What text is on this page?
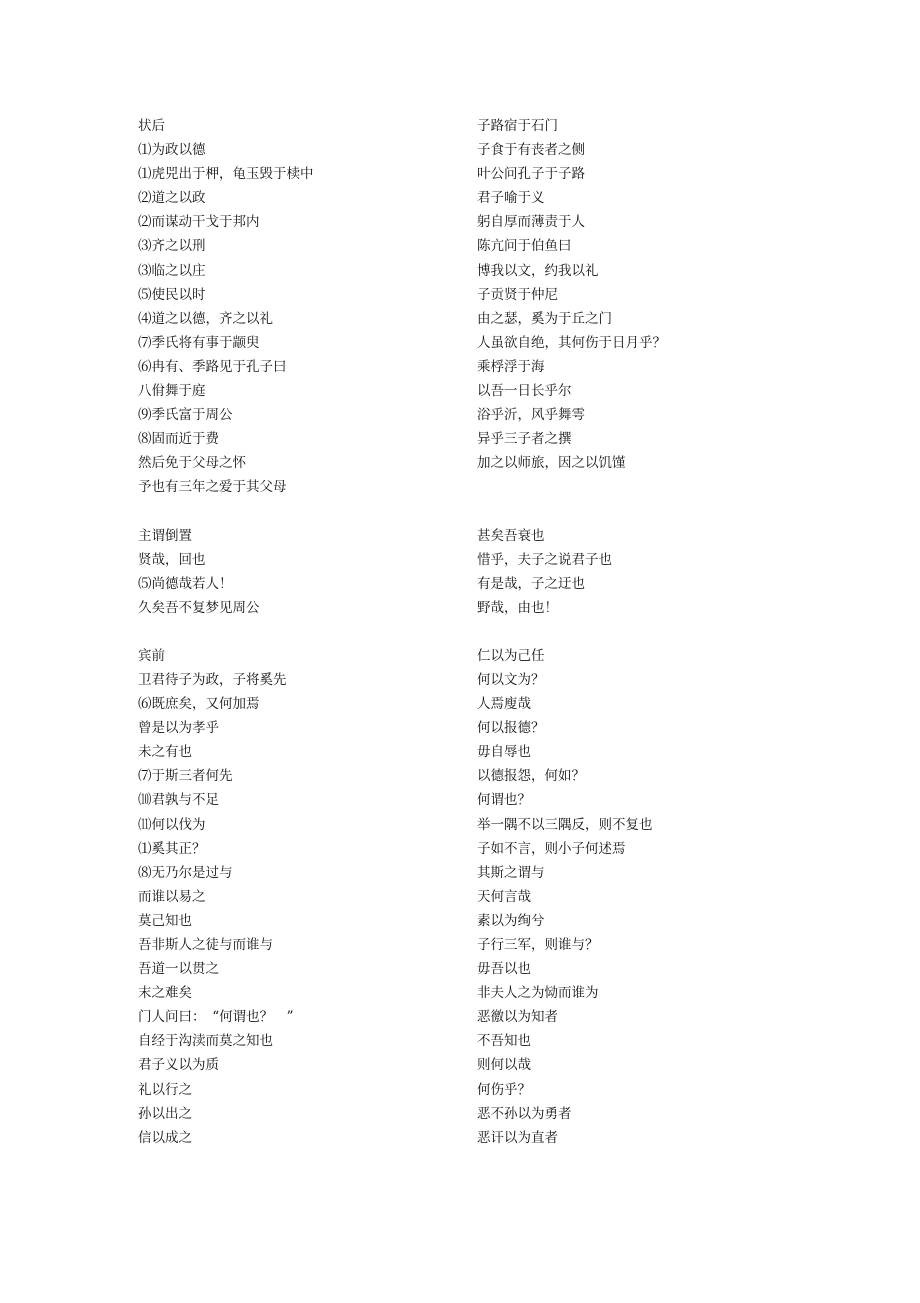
状后
⑴为政以德
⑴虎兕出于柙，龟玉毁于椟中
⑵道之以政
⑵而谋动干戈于邦内
⑶齐之以刑
⑶临之以庄
⑸使民以时
⑷道之以德，齐之以礼
⑺季氏将有事于颛臾
⑹冉有、季路见于孔子曰
八佾舞于庭
⑼季氏富于周公
⑻固而近于费
然后免于父母之怀
予也有三年之爱于其父母
主谓倒置
贤哉，回也
⑸尚德哉若人！
久矣吾不复梦见周公
宾前
卫君待子为政，子将奚先
⑹既庶矣，又何加焉
曾是以为孝乎
未之有也
⑺于斯三者何先
⑽君孰与不足
⑾何以伐为
⑴奚其正？
⑻无乃尔是过与
而谁以易之
莫己知也
吾非斯人之徒与而谁与
吾道一以贯之
末之难矣
门人问曰：　“何谓也？　”
自经于沟渎而莫之知也
君子义以为质
礼以行之
孙以出之
信以成之
子路宿于石门
子食于有丧者之侧
叶公问孔子于子路
君子喻于义
躬自厚而薄责于人
陈亢问于伯鱼曰
博我以文，约我以礼
子贡贤于仲尼
由之瑟，奚为于丘之门
人虽欲自绝，其何伤于日月乎？
乘桴浮于海
以吾一日长乎尔
浴乎沂，风乎舞雩
异乎三子者之撰
加之以师旅，因之以饥馑
甚矣吾衰也
惜乎，夫子之说君子也
有是哉，子之迂也
野哉，由也！
仁以为己任
何以文为？
人焉廋哉
何以报德？
毋自辱也
以德报怨，何如？
何谓也？
举一隅不以三隅反，则不复也
子如不言，则小子何述焉
其斯之谓与
天何言哉
素以为绚兮
子行三军，则谁与？
毋吾以也
非夫人之为恸而谁为
恶徼以为知者
不吾知也
则何以哉
何伤乎？
恶不孙以为勇者
恶讦以为直者
